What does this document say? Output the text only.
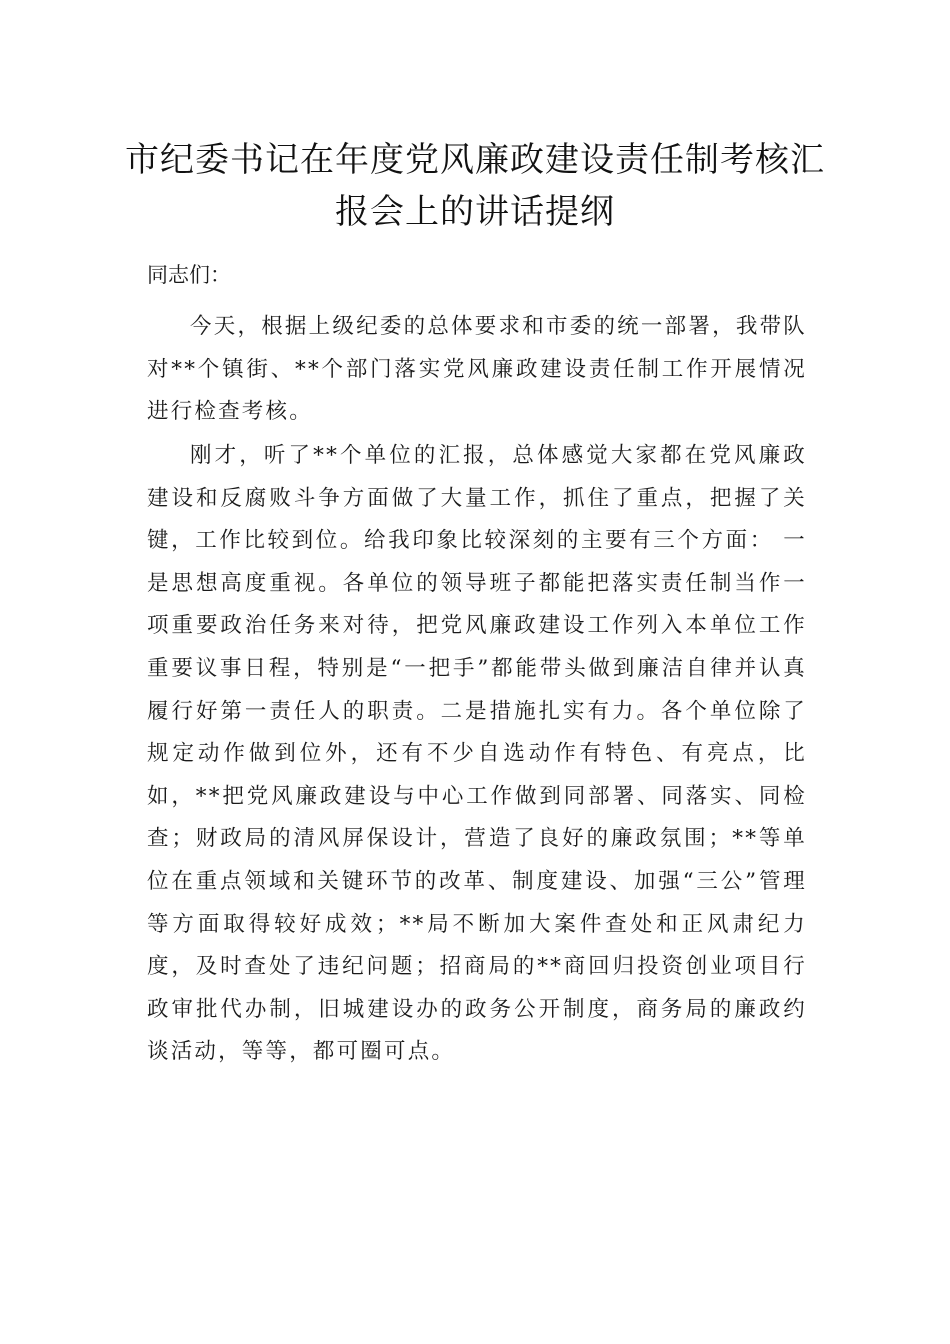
市纪委书记在年度党风廉政建设责任制考核汇报会上的讲话提纲

同志们：

今天，根据上级纪委的总体要求和市委的统一部署，我带队对**个镇街、**个部门落实党风廉政建设责任制工作开展情况进行检查考核。

刚才，听了**个单位的汇报，总体感觉大家都在党风廉政建设和反腐败斗争方面做了大量工作，抓住了重点，把握了关键，工作比较到位。给我印象比较深刻的主要有三个方面： 一是思想高度重视。各单位的领导班子都能把落实责任制当作一项重要政治任务来对待，把党风廉政建设工作列入本单位工作重要议事日程，特别是“一把手”都能带头做到廉洁自律并认真履行好第一责任人的职责。二是措施扎实有力。各个单位除了规定动作做到位外，还有不少自选动作有特色、有亮点，比如，**把党风廉政建设与中心工作做到同部署、同落实、同检查；财政局的清风屏保设计，营造了良好的廉政氛围；**等单位在重点领域和关键环节的改革、制度建设、加强“三公”管理等方面取得较好成效；**局不断加大案件查处和正风肃纪力度，及时查处了违纪问题；招商局的**商回归投资创业项目行政审批代办制，旧城建设办的政务公开制度，商务局的廉政约谈活动，等等，都可圈可点。
